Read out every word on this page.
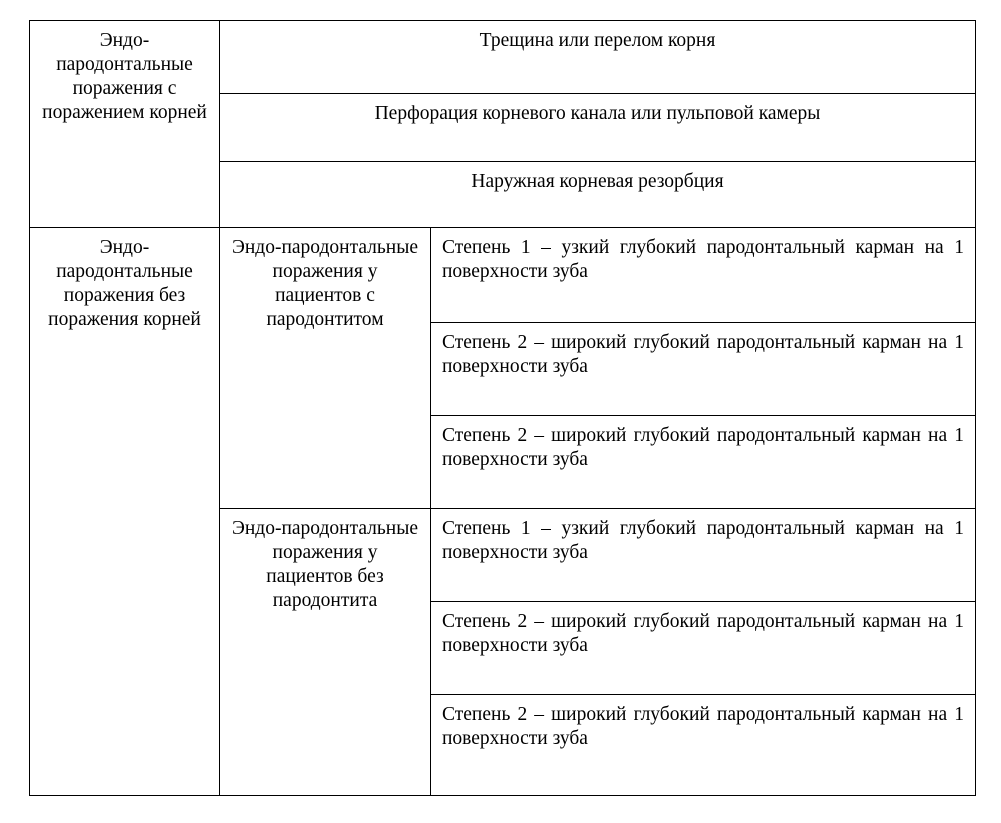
Эндо-пародонтальные поражения с поражением корней	Трещина или перелом корня	

	Перфорация корневого канала или пульповой камеры	

	Наружная корневая резорбция	

Эндо-пародонтальные поражения без поражения корней	Эндо-пародонтальные поражения у пациентов с пародонтитом	Степень 1 – узкий глубокий пародонтальный карман на 1 поверхности зуба

		Степень 2 – широкий глубокий пародонтальный карман на 1 поверхности зуба

		Степень 2 – широкий глубокий пародонтальный карман на 1 поверхности зуба

	Эндо-пародонтальные поражения у пациентов без пародонтита	Степень 1 – узкий глубокий пародонтальный карман на 1 поверхности зуба

		Степень 2 – широкий глубокий пародонтальный карман на 1 поверхности зуба

		Степень 2 – широкий глубокий пародонтальный карман на 1 поверхности зуба
